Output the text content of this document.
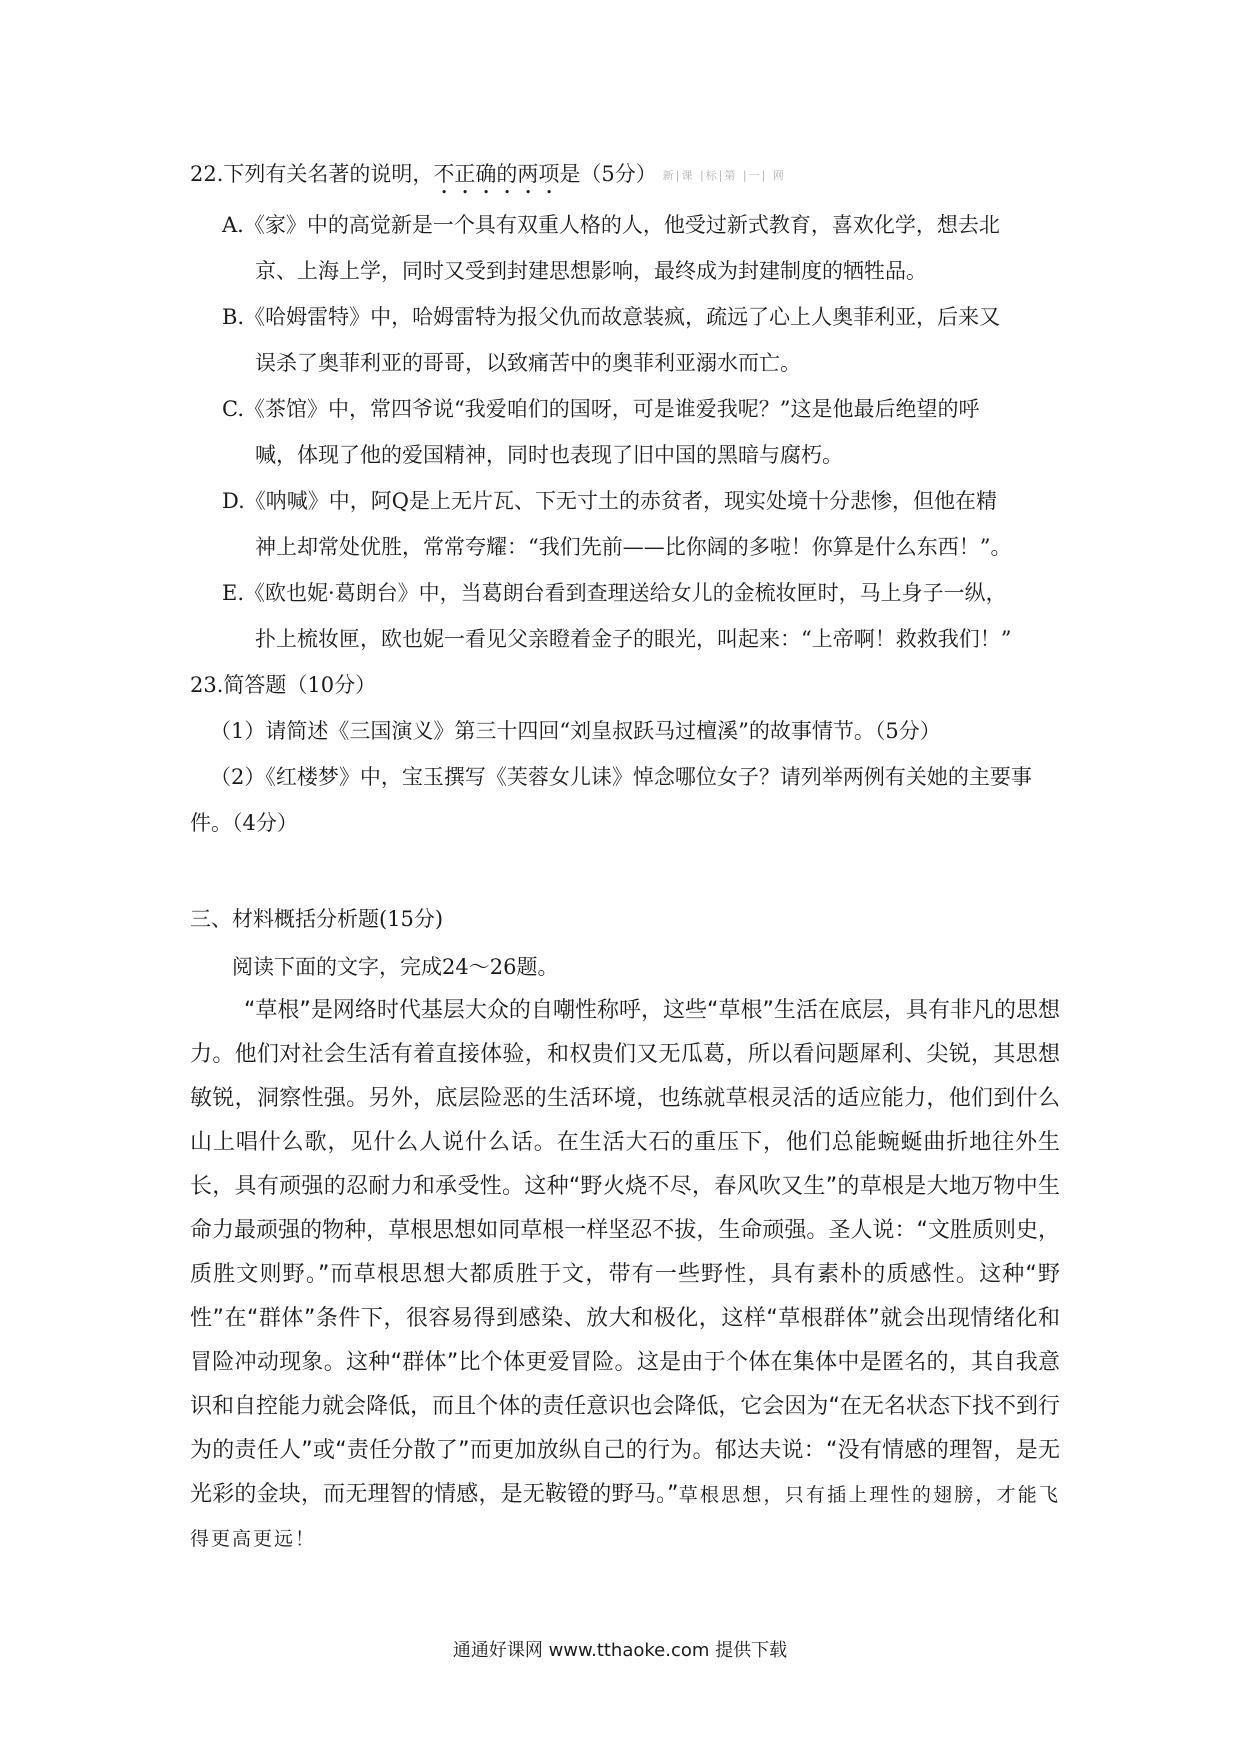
22.下列有关名著的说明，不正确的两项是（5分） 新|课 |标|第 |一| 网
A.《家》中的高觉新是一个具有双重人格的人，他受过新式教育，喜欢化学，想去北
京、上海上学，同时又受到封建思想影响，最终成为封建制度的牺牲品。
B.《哈姆雷特》中，哈姆雷特为报父仇而故意装疯，疏远了心上人奥菲利亚，后来又
误杀了奥菲利亚的哥哥，以致痛苦中的奥菲利亚溺水而亡。
C.《茶馆》中，常四爷说“我爱咱们的国呀，可是谁爱我呢？”这是他最后绝望的呼
喊，体现了他的爱国精神，同时也表现了旧中国的黑暗与腐朽。
D.《呐喊》中，阿Q是上无片瓦、下无寸土的赤贫者，现实处境十分悲惨，但他在精
神上却常处优胜，常常夸耀：“我们先前——比你阔的多啦！你算是什么东西！”。
E.《欧也妮·葛朗台》中，当葛朗台看到查理送给女儿的金梳妆匣时，马上身子一纵，
扑上梳妆匣，欧也妮一看见父亲瞪着金子的眼光，叫起来：“上帝啊！救救我们！”
23.简答题（10分）
（1）请简述《三国演义》第三十四回“刘皇叔跃马过檀溪”的故事情节。（5分）
（2）《红楼梦》中，宝玉撰写《芙蓉女儿诔》悼念哪位女子？请列举两例有关她的主要事
件。（4分）
三、材料概括分析题(15分)
阅读下面的文字，完成24～26题。
“草根”是网络时代基层大众的自嘲性称呼，这些“草根”生活在底层，具有非凡的思想力。他们对社会生活有着直接体验，和权贵们又无瓜葛，所以看问题犀利、尖锐，其思想敏锐，洞察性强。另外，底层险恶的生活环境，也练就草根灵活的适应能力，他们到什么山上唱什么歌，见什么人说什么话。在生活大石的重压下，他们总能蜿蜒曲折地往外生长，具有顽强的忍耐力和承受性。这种“野火烧不尽，春风吹又生”的草根是大地万物中生命力最顽强的物种，草根思想如同草根一样坚忍不拔，生命顽强。圣人说：“文胜质则史，质胜文则野。”而草根思想大都质胜于文，带有一些野性，具有素朴的质感性。这种“野性”在“群体”条件下，很容易得到感染、放大和极化，这样“草根群体”就会出现情绪化和冒险冲动现象。这种“群体”比个体更爱冒险。这是由于个体在集体中是匿名的，其自我意识和自控能力就会降低，而且个体的责任意识也会降低，它会因为“在无名状态下找不到行为的责任人”或“责任分散了”而更加放纵自己的行为。郁达夫说：“没有情感的理智，是无光彩的金块，而无理智的情感，是无鞍镫的野马。”草根思想，只有插上理性的翅膀，才能飞得更高更远！
通通好课网 www.tthaoke.com 提供下载
